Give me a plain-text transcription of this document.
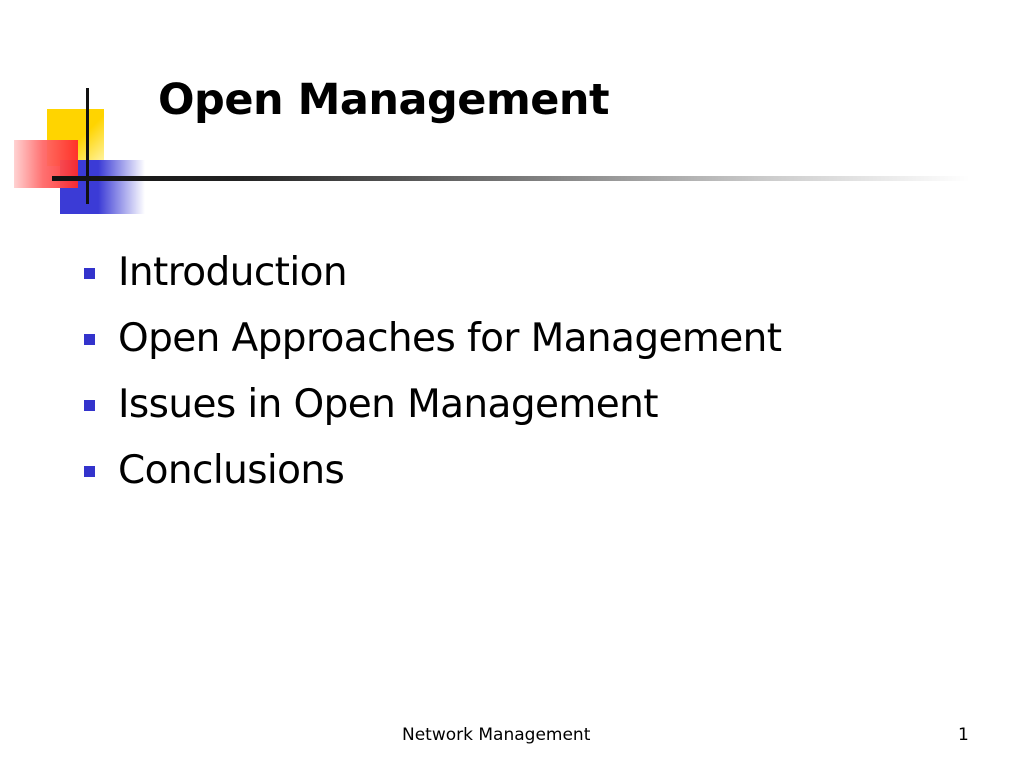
Open Management
Introduction
Open Approaches for Management
Issues in Open Management
Conclusions
Network Management	1
